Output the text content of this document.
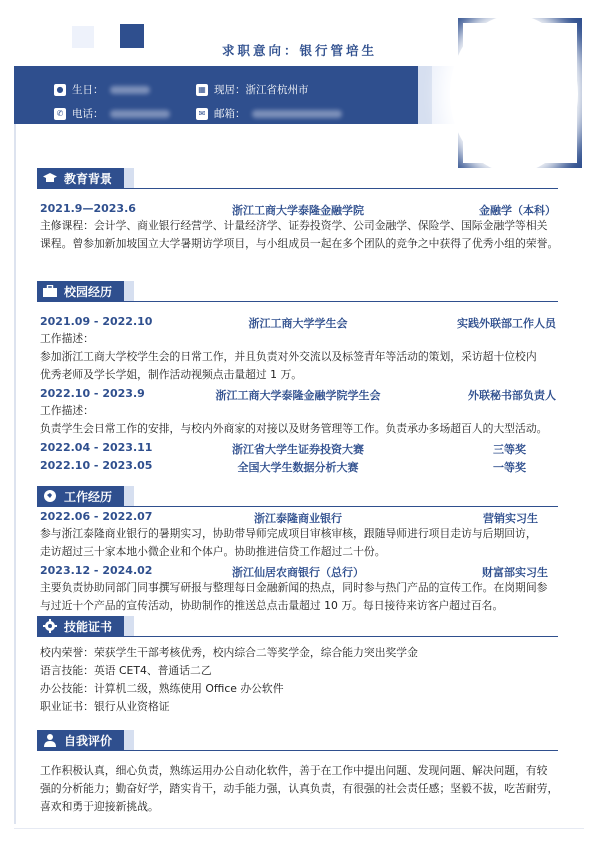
求职意向：银行管培生
● 生日：	▦ 现居：浙江省杭州市
✆ 电话：	✉ 邮箱：
教育背景
2021.9—2023.6	浙江工商大学泰隆金融学院	金融学（本科）
主修课程：会计学、商业银行经营学、计量经济学、证券投资学、公司金融学、保险学、国际金融学等相关
课程。曾参加新加坡国立大学暑期访学项目，与小组成员一起在多个团队的竞争之中获得了优秀小组的荣誉。
校园经历
2021.09 - 2022.10	浙江工商大学学生会	实践外联部工作人员
工作描述：
参加浙江工商大学校学生会的日常工作，并且负责对外交流以及标签青年等活动的策划，采访超十位校内
优秀老师及学长学姐，制作活动视频点击量超过 1 万。
2022.10 - 2023.9	浙江工商大学泰隆金融学院学生会	外联秘书部负责人
工作描述：
负责学生会日常工作的安排，与校内外商家的对接以及财务管理等工作。负责承办多场超百人的大型活动。
2022.04 - 2023.11	浙江省大学生证券投资大赛	三等奖
2022.10 - 2023.05	全国大学生数据分析大赛	一等奖
工作经历
2022.06 - 2022.07	浙江泰隆商业银行	营销实习生
参与浙江泰隆商业银行的暑期实习，协助带导师完成项目审核审核，跟随导师进行项目走访与后期回访，
走访超过三十家本地小微企业和个体户。协助推进信贷工作超过二十份。
2023.12 - 2024.02	浙江仙居农商银行（总行）	财富部实习生
主要负责协助同部门同事撰写研报与整理每日金融新闻的热点，同时参与热门产品的宣传工作。在岗期间参
与过近十个产品的宣传活动，协助制作的推送总点击量超过 10 万。每日接待来访客户超过百名。
技能证书
校内荣誉：荣获学生干部考核优秀，校内综合二等奖学金，综合能力突出奖学金
语言技能：英语 CET4、普通话二乙
办公技能：计算机二级，熟练使用 Office 办公软件
职业证书：银行从业资格证
自我评价
工作积极认真，细心负责，熟练运用办公自动化软件，善于在工作中提出问题、发现问题、解决问题，有较
强的分析能力；勤奋好学，踏实肯干，动手能力强，认真负责，有很强的社会责任感；坚毅不拔，吃苦耐劳，
喜欢和勇于迎接新挑战。
